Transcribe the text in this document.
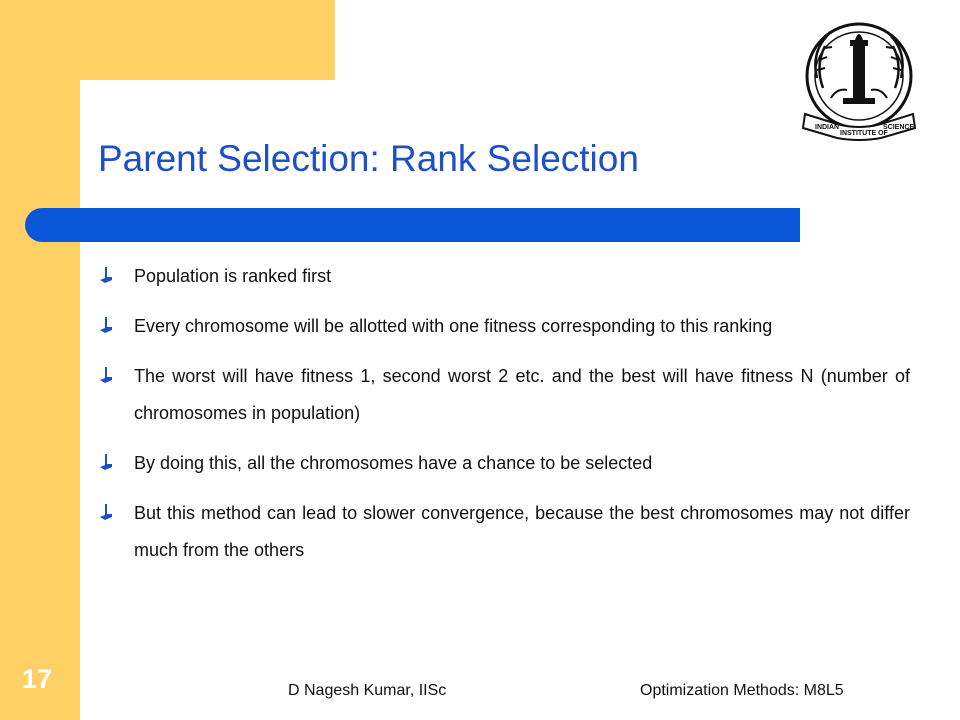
INDIAN
INSTITUTE OF
SCIENCE
Parent Selection: Rank Selection
Population is ranked first
Every chromosome will be allotted with one fitness corresponding to this ranking
The worst will have fitness 1, second worst 2 etc. and the best will have fitness N (number of chromosomes in population)
By doing this, all the chromosomes have a chance to be selected
But this method can lead to slower convergence, because the best chromosomes may not differ much from the others
17	D Nagesh Kumar, IISc	Optimization Methods: M8L5
